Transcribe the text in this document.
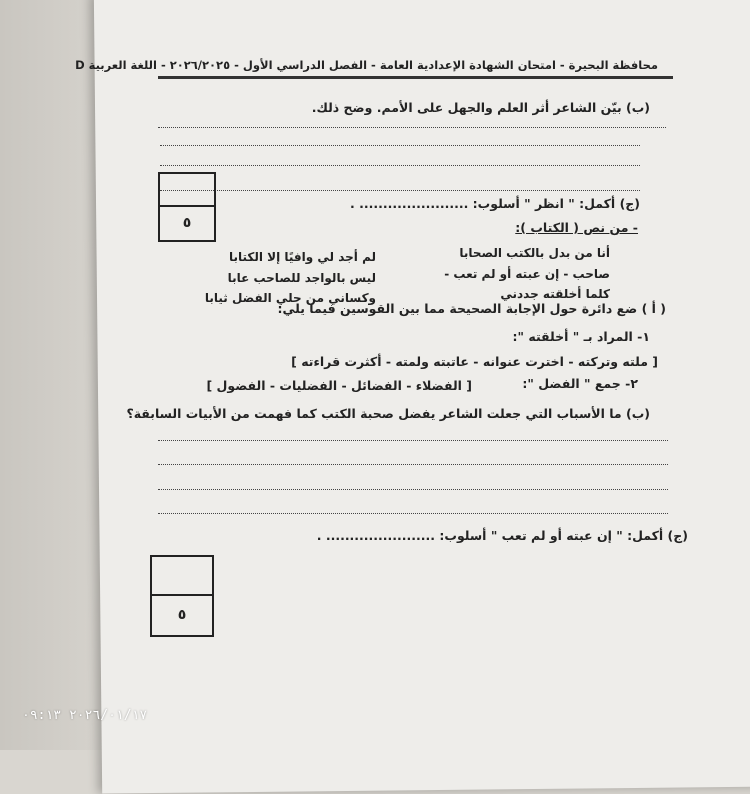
محافظة البحيرة - امتحان الشهادة الإعدادية العامة - الفصل الدراسي الأول - ٢٠٢٦/٢٠٢٥ - اللغة العربية D
(ب) بيّن الشاعر أثر العلم والجهل على الأمم. وضح ذلك.
٥
(ج) أكمل: " انظر " أسلوب: ....................... .
- من نص ( الكتاب ):
أنا من بدل بالكتب الصحابا
لم أجد لي وافيًا إلا الكتابا
صاحب - إن عبته أو لم تعب -
ليس بالواجد للصاحب عابا
كلما أخلقته جددني
وكساني من حلي الفضل ثيابا
( أ ) ضع دائرة حول الإجابة الصحيحة مما بين القوسين فيما يلي:
١- المراد بـ " أخلقته ":
[ ملته وتركته - اخترت عنوانه - عاتبته ولمته - أكثرت قراءته ]
٢- جمع " الفضل ":
[ الفضلاء - الفضائل - الفضليات - الفضول ]
(ب) ما الأسباب التي جعلت الشاعر يفضل صحبة الكتب كما فهمت من الأبيات السابقة؟
(ج) أكمل: " إن عبته أو لم تعب " أسلوب: ....................... .
٥
٢٠٢٦/٠١/١٧ ٠٩:١٣
